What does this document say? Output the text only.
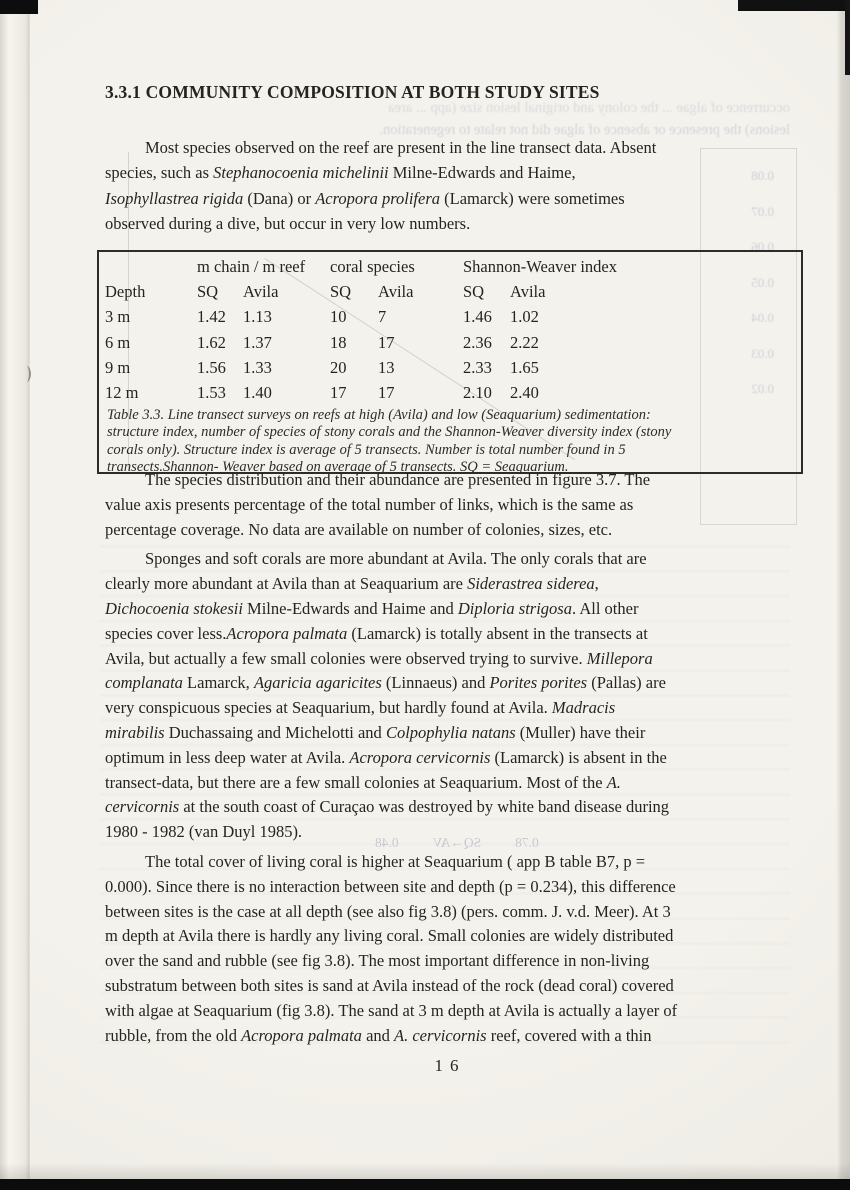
occurrence of algae ... the colony and original lesion size (app ... area
lesions) the presence or absence of algae did not relate to regeneration.
0.78
SQ→AV
0.48
0.08
0.07
0.06
0.05
0.04
0.03
0.02
3.3.1 COMMUNITY COMPOSITION AT BOTH STUDY SITES
Most species observed on the reef are present in the line transect data. Absent
species, such as Stephanocoenia michelinii Milne-Edwards and Haime,
Isophyllastrea rigida (Dana) or Acropora prolifera (Lamarck) were sometimes
observed during a dive, but occur in very low numbers.
m chain / m reef	coral species	Shannon-Weaver index
Depth	SQ	Avila	SQ	Avila	SQ	Avila
3 m	1.42	1.13	10	7	1.46	1.02
6 m	1.62	1.37	18	17	2.36	2.22
9 m	1.56	1.33	20	13	2.33	1.65
12 m	1.53	1.40	17	17	2.10	2.40
Table 3.3. Line transect surveys on reefs at high (Avila) and low (Seaquarium) sedimentation:
structure index, number of species of stony corals and the Shannon-Weaver diversity index (stony
corals only). Structure index is average of 5 transects. Number is total number found in 5
transects.Shannon- Weaver based on average of 5 transects. SQ = Seaquarium.
The species distribution and their abundance are presented in figure 3.7. The
value axis presents percentage of the total number of links, which is the same as
percentage coverage. No data are available on number of colonies, sizes, etc.
Sponges and soft corals are more abundant at Avila. The only corals that are
clearly more abundant at Avila than at Seaquarium are Siderastrea siderea,
Dichocoenia stokesii Milne-Edwards and Haime and Diploria strigosa. All other
species cover less.Acropora palmata (Lamarck) is totally absent in the transects at
Avila, but actually a few small colonies were observed trying to survive. Millepora
complanata Lamarck, Agaricia agaricites (Linnaeus) and Porites porites (Pallas) are
very conspicuous species at Seaquarium, but hardly found at Avila. Madracis
mirabilis Duchassaing and Michelotti and Colpophylia natans (Muller) have their
optimum in less deep water at Avila. Acropora cervicornis (Lamarck) is absent in the
transect-data, but there are a few small colonies at Seaquarium. Most of the A.
cervicornis at the south coast of Curaçao was destroyed by white band disease during
1980 - 1982 (van Duyl 1985).
The total cover of living coral is higher at Seaquarium ( app B table B7, p =
0.000). Since there is no interaction between site and depth (p = 0.234), this difference
between sites is the case at all depth (see also fig 3.8) (pers. comm. J. v.d. Meer). At 3
m depth at Avila there is hardly any living coral. Small colonies are widely distributed
over the sand and rubble (see fig 3.8). The most important difference in non-living
substratum between both sites is sand at Avila instead of the rock (dead coral) covered
with algae at Seaquarium (fig 3.8). The sand at 3 m depth at Avila is actually a layer of
rubble, from the old Acropora palmata and A. cervicornis reef, covered with a thin
16
